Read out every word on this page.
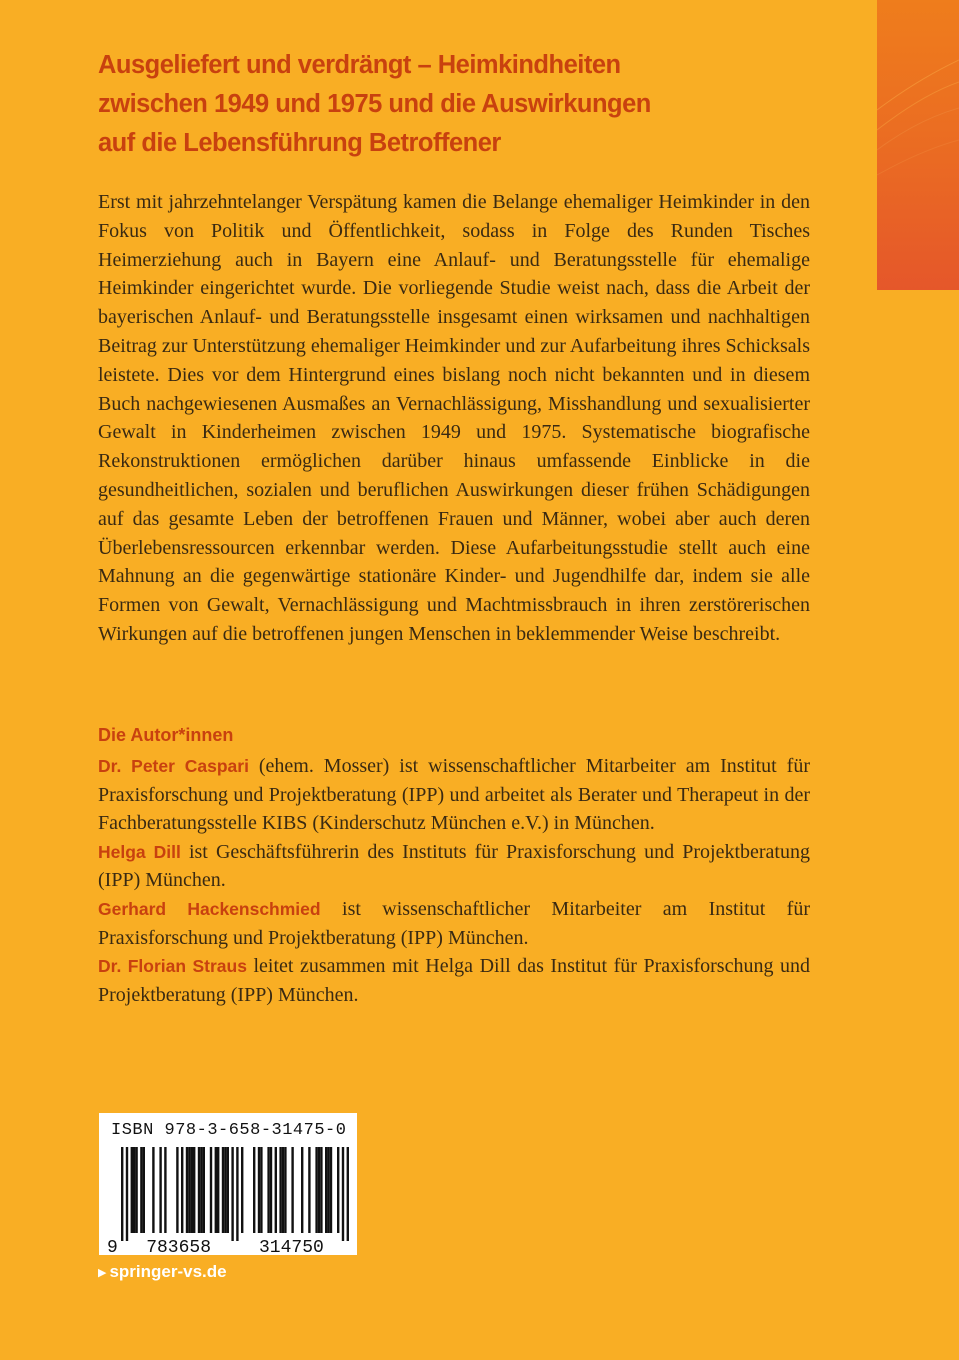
Ausgeliefert und verdrängt – Heimkindheiten
zwischen 1949 und 1975 und die Auswirkungen
auf die Lebensführung Betroffener

Erst mit jahrzehntelanger Verspätung kamen die Belange ehemaliger Heimkinder in den Fokus von Politik und Öffentlichkeit, sodass in Folge des Runden Tisches Heimerziehung auch in Bayern eine Anlauf- und Beratungsstelle für ehemalige Heimkinder eingerichtet wurde. Die vorliegende Studie weist nach, dass die Arbeit der bayerischen Anlauf- und Beratungsstelle insgesamt einen wirksamen und nachhaltigen Beitrag zur Unterstützung ehemaliger Heimkinder und zur Aufarbeitung ihres Schicksals leistete. Dies vor dem Hintergrund eines bislang noch nicht bekannten und in diesem Buch nachgewiesenen Ausmaßes an Vernachlässigung, Misshandlung und sexualisierter Gewalt in Kinderheimen zwischen 1949 und 1975. Systematische biografische Rekonstruktionen ermöglichen darüber hinaus umfassende Einblicke in die gesundheitlichen, sozialen und beruflichen Auswirkungen dieser frühen Schädigungen auf das gesamte Leben der betroffenen Frauen und Männer, wobei aber auch deren Überlebensressourcen erkennbar werden. Diese Aufarbeitungsstudie stellt auch eine Mahnung an die gegenwärtige stationäre Kinder- und Jugendhilfe dar, indem sie alle Formen von Gewalt, Vernachlässigung und Machtmissbrauch in ihren zerstörerischen Wirkungen auf die betroffenen jungen Menschen in beklemmender Weise beschreibt.

Die Autor*innen

Dr. Peter Caspari (ehem. Mosser) ist wissenschaftlicher Mitarbeiter am Institut für Praxisforschung und Projektberatung (IPP) und arbeitet als Berater und Therapeut in der Fachberatungsstelle KIBS (Kinderschutz München e.V.) in München.

Helga Dill ist Geschäftsführerin des Instituts für Praxisforschung und Projektberatung (IPP) München.

Gerhard Hackenschmied ist wissenschaftlicher Mitarbeiter am Institut für Praxisforschung und Projektberatung (IPP) München.

Dr. Florian Straus leitet zusammen mit Helga Dill das Institut für Praxisforschung und Projektberatung (IPP) München.

ISBN 978-3-658-31475-0
9 783658	314750
▶ springer-vs.de
